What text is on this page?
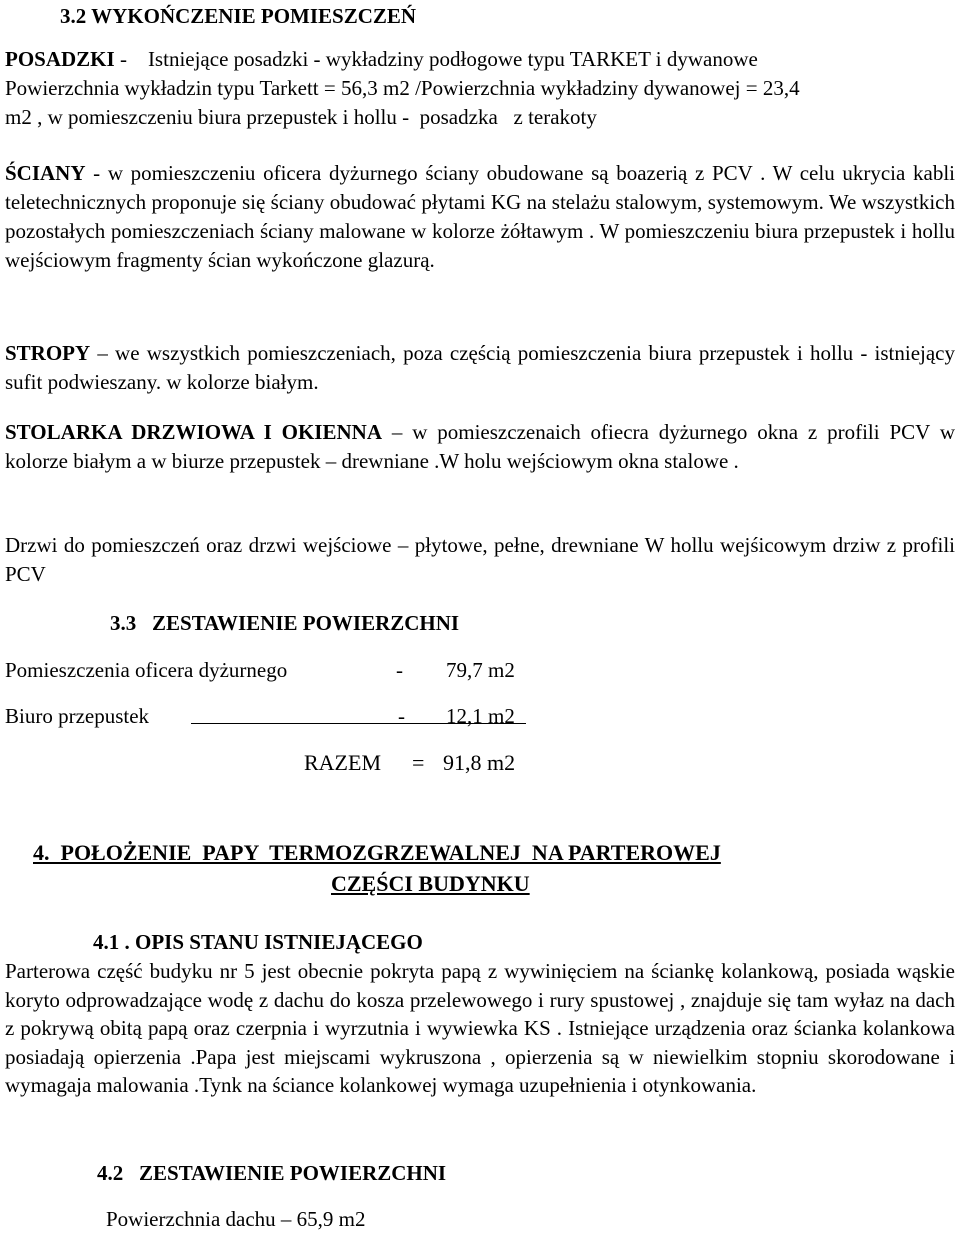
3.2 WYKOŃCZENIE POMIESZCZEŃ
POSADZKI -    Istniejące posadzki - wykładziny podłogowe typu TARKET i dywanowe
Powierzchnia wykładzin typu Tarkett = 56,3 m2 /Powierzchnia wykładziny dywanowej = 23,4
m2 , w pomieszczeniu biura przepustek i hollu -  posadzka   z terakoty
ŚCIANY - w pomieszczeniu oficera dyżurnego ściany obudowane są boazerią z PCV . W celu ukrycia kabli teletechnicznych proponuje się ściany obudować płytami KG na stelażu stalowym, systemowym. We wszystkich pozostałych pomieszczeniach ściany malowane w kolorze żółtawym . W pomieszczeniu biura przepustek i hollu wejściowym fragmenty ścian wykończone glazurą.
STROPY – we wszystkich pomieszczeniach, poza częścią pomieszczenia biura przepustek i hollu - istniejący sufit podwieszany. w kolorze białym.
STOLARKA DRZWIOWA I OKIENNA – w pomieszczenaich ofiecra dyżurnego okna z profili PCV w kolorze białym a w biurze przepustek – drewniane .W holu wejściowym okna stalowe .
Drzwi do pomieszczeń oraz drzwi wejściowe – płytowe, pełne, drewniane W hollu wejśicowym drziw z profili PCV
3.3   ZESTAWIENIE POWIERZCHNI
Pomieszczenia oficera dyżurnego	- 79,7 m2
Biuro przepustek	- 12,1 m2
RAZEM = 91,8 m2
4.  POŁOŻENIE  PAPY  TERMOZGRZEWALNEJ  NA PARTEROWEJ
CZĘŚCI BUDYNKU
4.1 . OPIS STANU ISTNIEJĄCEGO
Parterowa część budyku nr 5 jest obecnie pokryta papą z wywinięciem na ściankę kolankową, posiada wąskie koryto odprowadzające wodę z dachu do kosza przelewowego i rury spustowej , znajduje się tam wyłaz na dach z pokrywą obitą papą oraz czerpnia i wyrzutnia i wywiewka KS . Istniejące urządzenia oraz ścianka kolankowa posiadają opierzenia .Papa jest miejscami wykruszona , opierzenia są w niewielkim stopniu skorodowane i wymagaja malowania .Tynk na ściance kolankowej wymaga uzupełnienia i otynkowania.
4.2   ZESTAWIENIE POWIERZCHNI
Powierzchnia dachu – 65,9 m2
